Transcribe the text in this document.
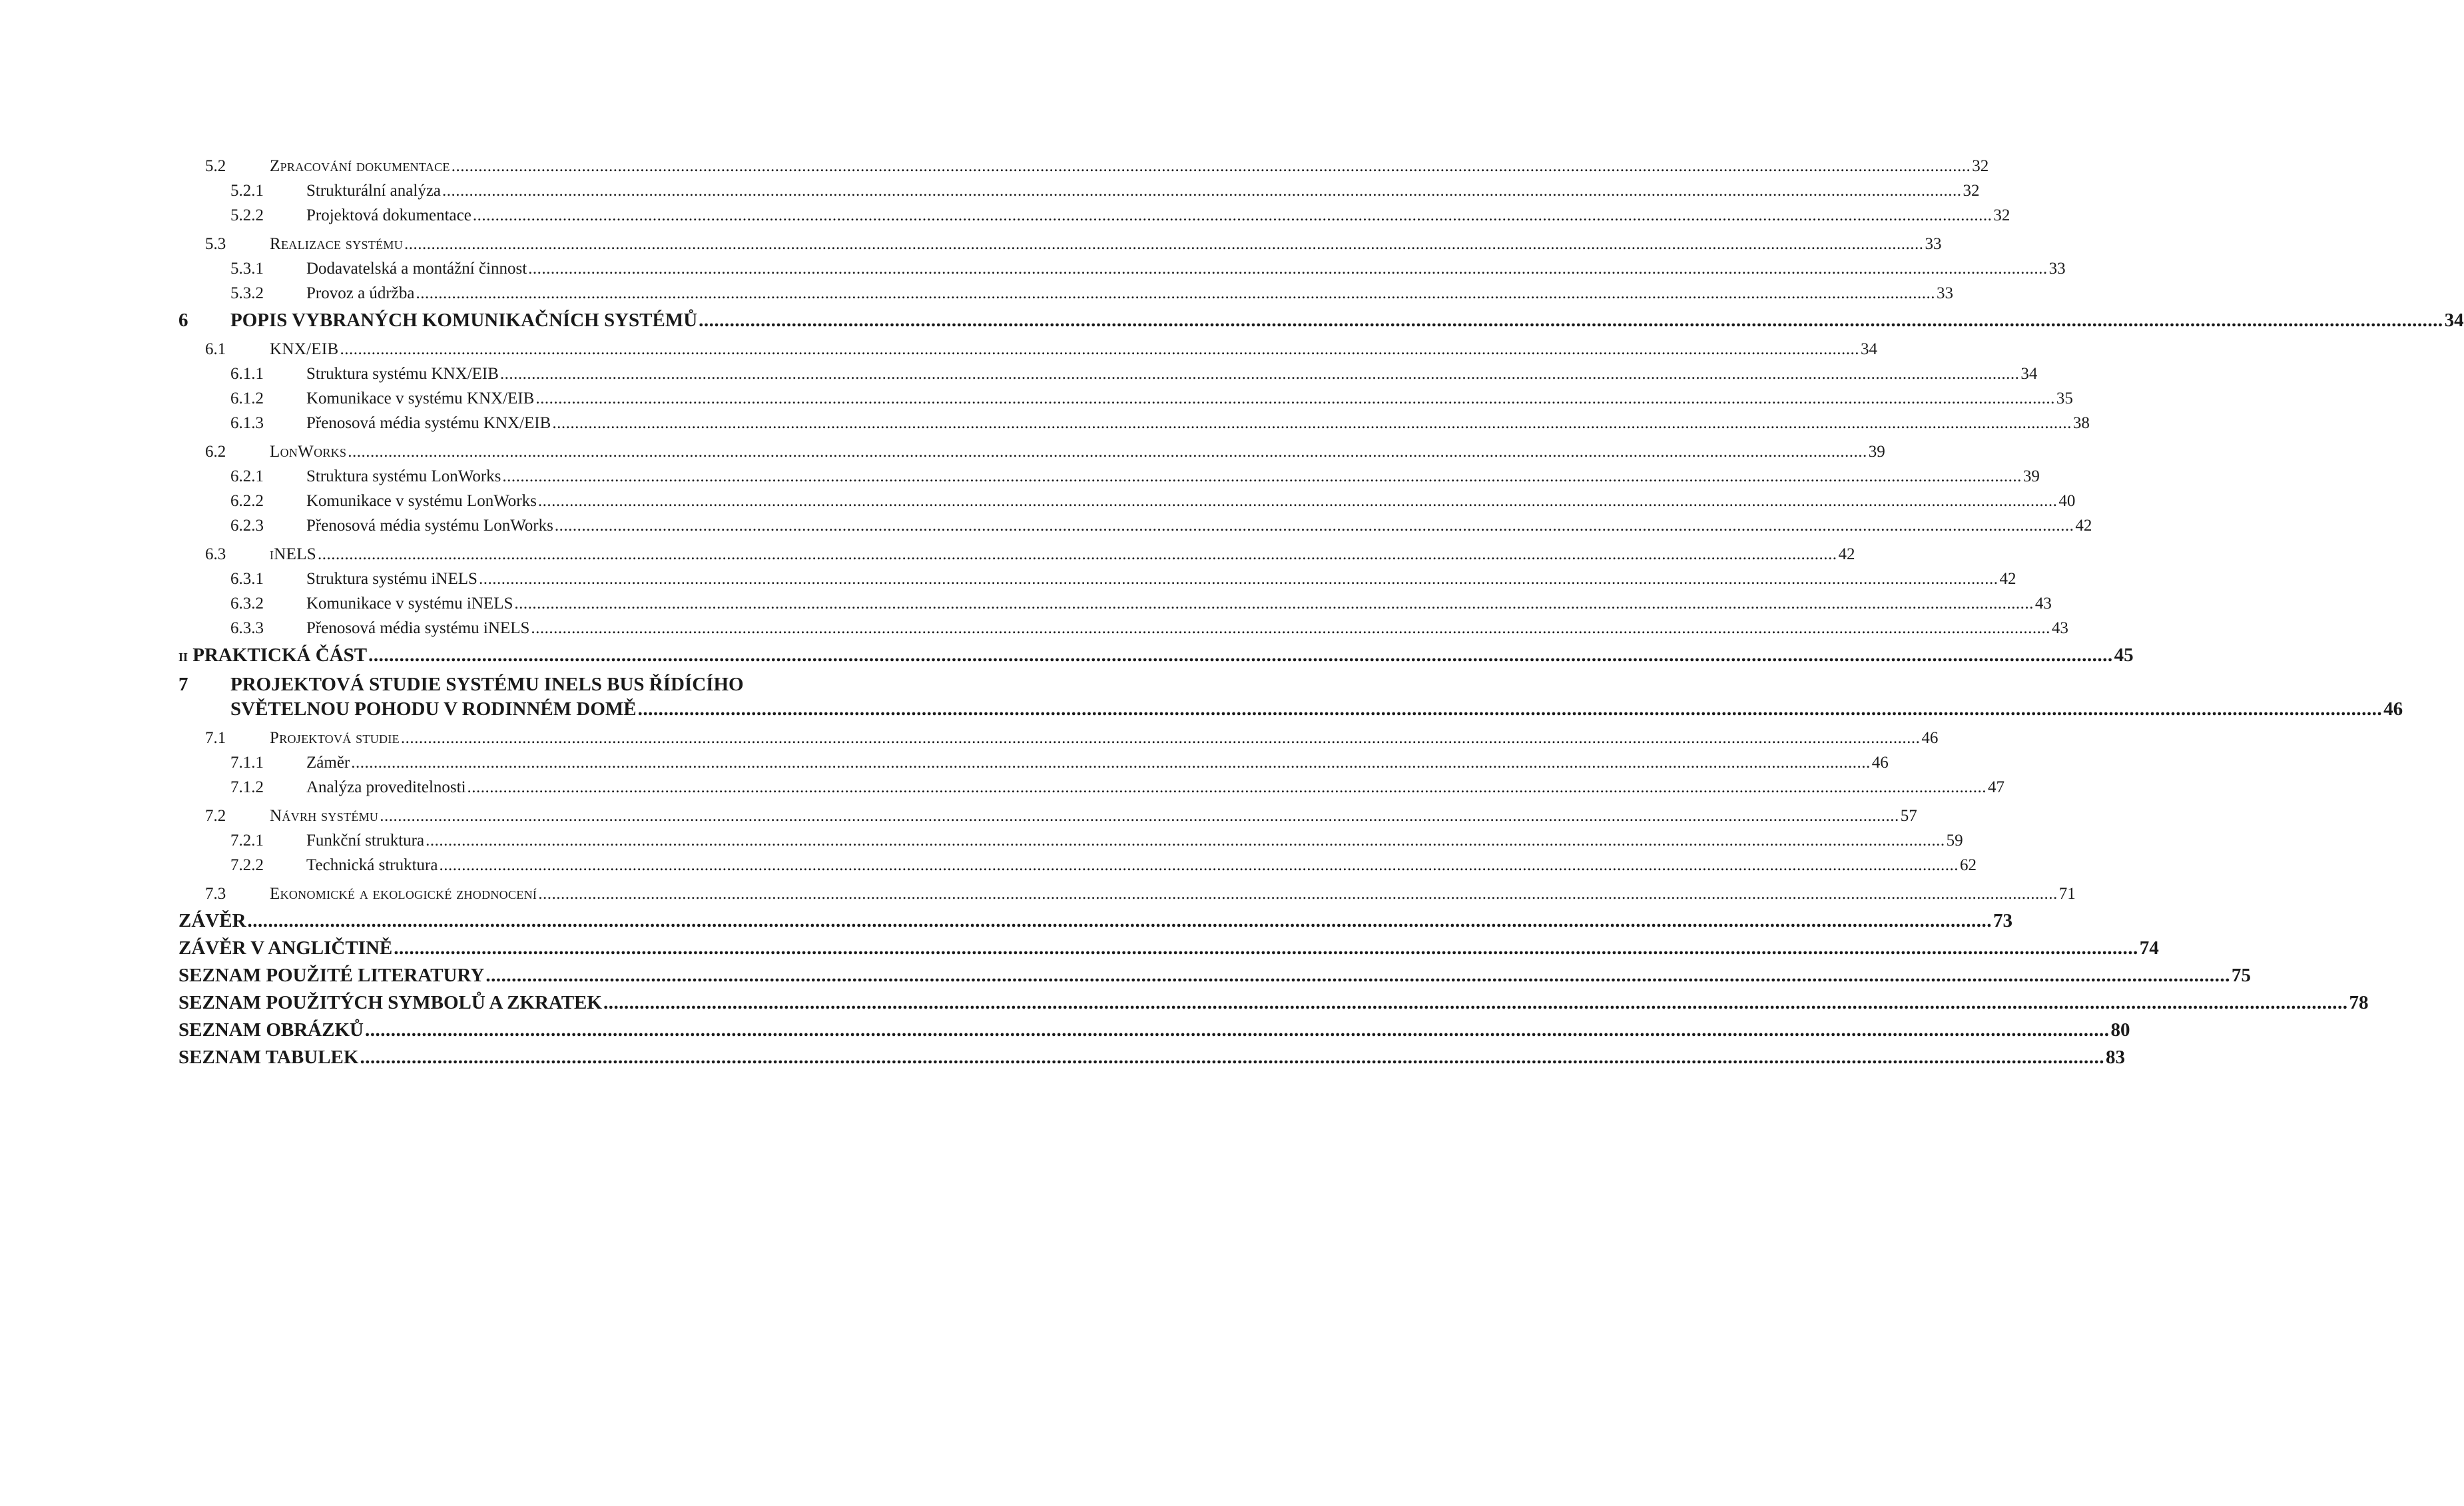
5.2	Zpracování dokumentace .....	32
5.2.1	Strukturální analýza .....	32
5.2.2	Projektová dokumentace .....	32
5.3	Realizace systému .....	33
5.3.1	Dodavatelská a montážní činnost .....	33
5.3.2	Provoz a údržba .....	33
6	POPIS VYBRANÝCH KOMUNIKAČNÍCH SYSTÉMŮ .....	34
6.1	KNX/EIB .....	34
6.1.1	Struktura systému KNX/EIB .....	34
6.1.2	Komunikace v systému KNX/EIB .....	35
6.1.3	Přenosová média systému KNX/EIB .....	38
6.2	LonWorks .....	39
6.2.1	Struktura systému LonWorks .....	39
6.2.2	Komunikace v systému LonWorks .....	40
6.2.3	Přenosová média systému LonWorks .....	42
6.3	iNELS .....	42
6.3.1	Struktura systému iNELS .....	42
6.3.2	Komunikace v systému iNELS .....	43
6.3.3	Přenosová média systému iNELS .....	43
II PRAKTICKÁ ČÁST .....	45
7	PROJEKTOVÁ STUDIE SYSTÉMU INELS BUS ŘÍDÍCÍHO
SVĚTELNOU POHODU V RODINNÉM DOMĚ .....	46
7.1	Projektová studie .....	46
7.1.1	Záměr .....	46
7.1.2	Analýza proveditelnosti .....	47
7.2	Návrh systému .....	57
7.2.1	Funkční struktura .....	59
7.2.2	Technická struktura .....	62
7.3	Ekonomické a ekologické zhodnocení .....	71
ZÁVĚR .....	73
ZÁVĚR V ANGLIČTINĚ .....	74
SEZNAM POUŽITÉ LITERATURY .....	75
SEZNAM POUŽITÝCH SYMBOLŮ A ZKRATEK .....	78
SEZNAM OBRÁZKŮ .....	80
SEZNAM TABULEK .....	83
